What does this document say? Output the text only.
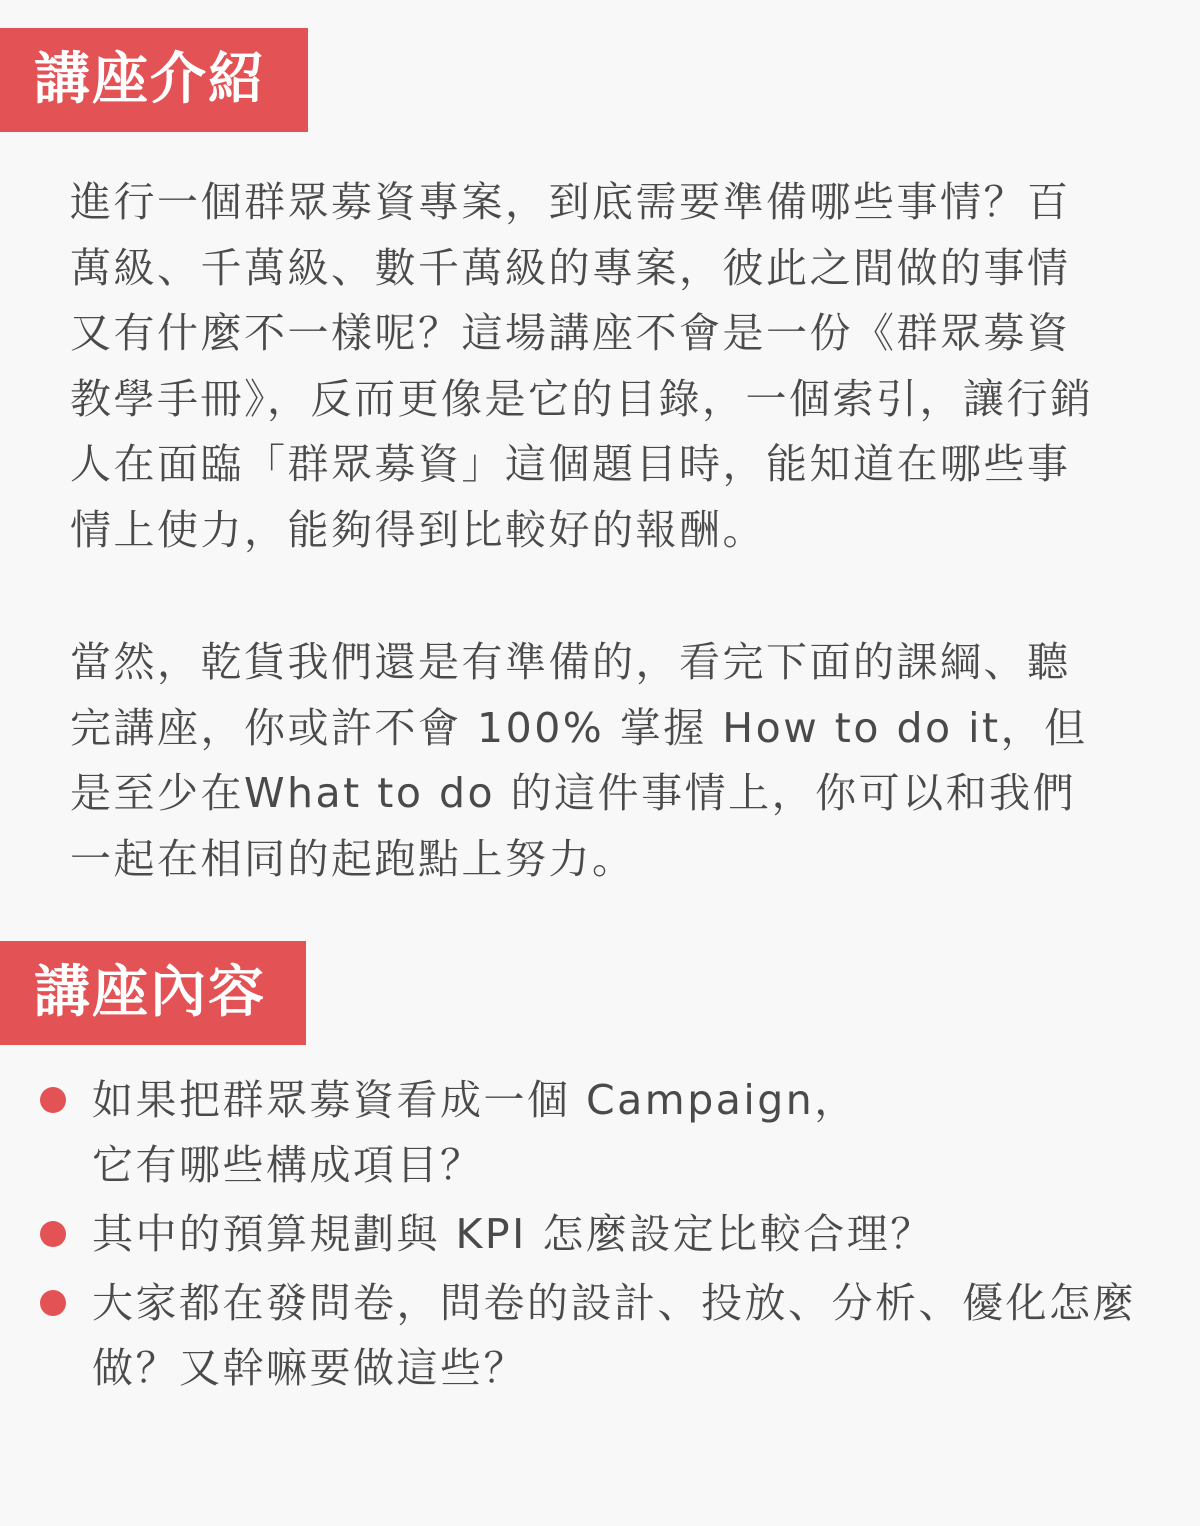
講座介紹

進行一個群眾募資專案，到底需要準備哪些事情？百
萬級、千萬級、數千萬級的專案，彼此之間做的事情
又有什麼不一樣呢？這場講座不會是一份《群眾募資
教學手冊》，反而更像是它的目錄，一個索引，讓行銷
人在面臨「群眾募資」這個題目時，能知道在哪些事
情上使力，能夠得到比較好的報酬。

當然，乾貨我們還是有準備的，看完下面的課綱、聽
完講座，你或許不會 100% 掌握 How to do it，但
是至少在What to do 的這件事情上，你可以和我們
一起在相同的起跑點上努力。

講座內容
如果把群眾募資看成一個 Campaign，
它有哪些構成項目？
其中的預算規劃與 KPI 怎麼設定比較合理？
大家都在發問卷，問卷的設計、投放、分析、優化怎麼
做？又幹嘛要做這些？
